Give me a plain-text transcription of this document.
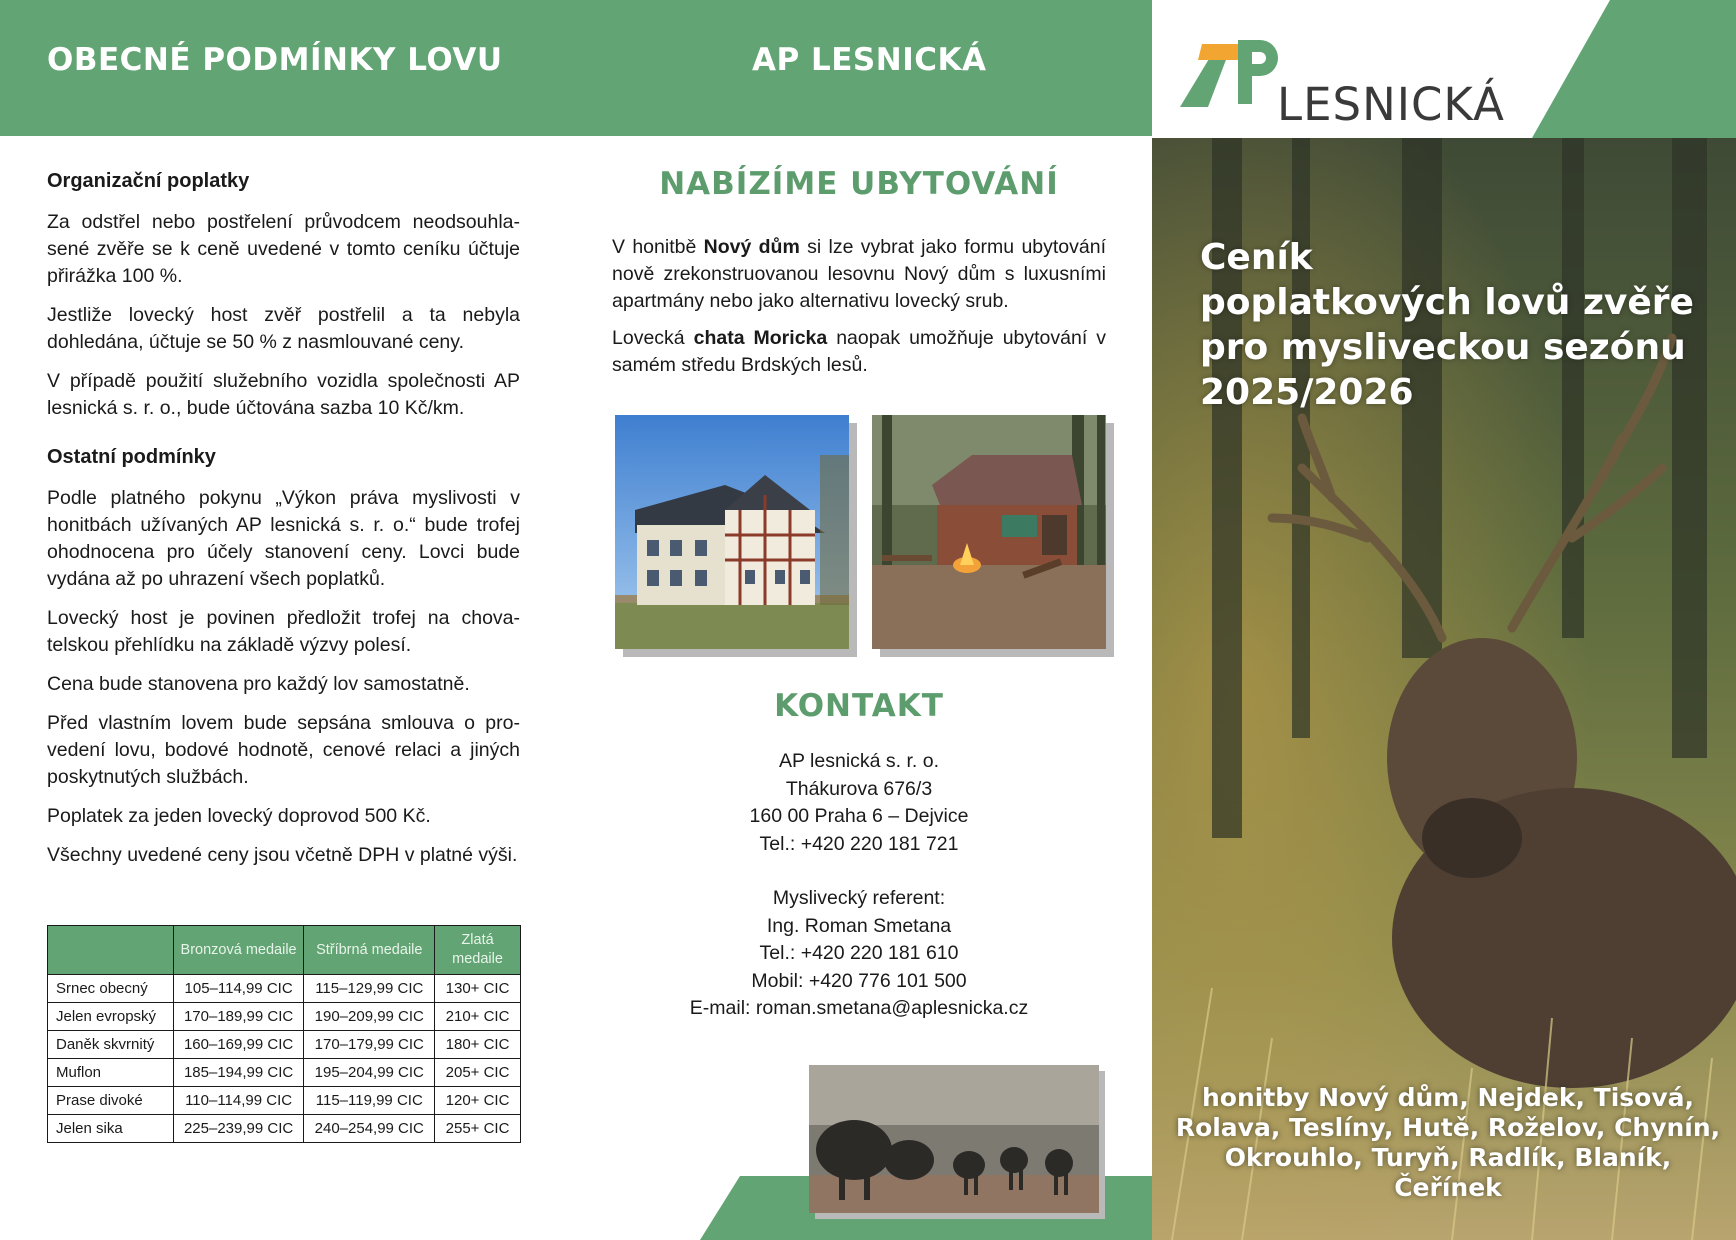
OBECNÉ PODMÍNKY LOVU	AP LESNICKÁ
Organizační poplatky

Za odstřel nebo postřelení průvodcem neodsouhla-sené zvěře se k ceně uvedené v tomto ceníku účtuje přirážka 100 %.

Jestliže lovecký host zvěř postřelil a ta nebyla dohledána, účtuje se 50 % z nasmlouvané ceny.

V případě použití služebního vozidla společnosti AP lesnická s. r. o., bude účtována sazba 10 Kč/km.

Ostatní podmínky

Podle platného pokynu „Výkon práva myslivosti v honitbách užívaných AP lesnická s. r. o.“ bude trofej ohodnocena pro účely stanovení ceny. Lovci bude vydána až po uhrazení všech poplatků.

Lovecký host je povinen předložit trofej na chova-telskou přehlídku na základě výzvy polesí.

Cena bude stanovena pro každý lov samostatně.

Před vlastním lovem bude sepsána smlouva o pro-vedení lovu, bodové hodnotě, cenové relaci a jiných poskytnutých službách.

Poplatek za jeden lovecký doprovod 500 Kč.

Všechny uvedené ceny jsou včetně DPH v platné výši.

	Bronzová medaile	Stříbrná medaile	Zlatá medaile
Srnec obecný	105–114,99 CIC	115–129,99 CIC	130+ CIC
Jelen evropský	170–189,99 CIC	190–209,99 CIC	210+ CIC
Daněk skvrnitý	160–169,99 CIC	170–179,99 CIC	180+ CIC
Muflon	185–194,99 CIC	195–204,99 CIC	205+ CIC
Prase divoké	110–114,99 CIC	115–119,99 CIC	120+ CIC
Jelen sika	225–239,99 CIC	240–254,99 CIC	255+ CIC
NABÍZÍME UBYTOVÁNÍ

V honitbě Nový dům si lze vybrat jako formu ubytování nově zrekonstruovanou lesovnu Nový dům s luxusními apartmány nebo jako alternativu lovecký srub.

Lovecká chata Moricka naopak umožňuje ubytování v samém středu Brdských lesů.

KONTAKT
AP lesnická s. r. o.
Thákurova 676/3
160 00 Praha 6 – Dejvice
Tel.: +420 220 181 721
Myslivecký referent:
Ing. Roman Smetana
Tel.: +420 220 181 610
Mobil: +420 776 101 500
E-mail: roman.smetana@aplesnicka.cz
LESNICKÁ
Ceník
poplatkových lovů zvěře
pro mysliveckou sezónu
2025/2026
honitby Nový dům, Nejdek, Tisová,
Rolava, Teslíny, Hutě, Roželov, Chynín,
Okrouhlo, Turyň, Radlík, Blaník, Čeřínek
